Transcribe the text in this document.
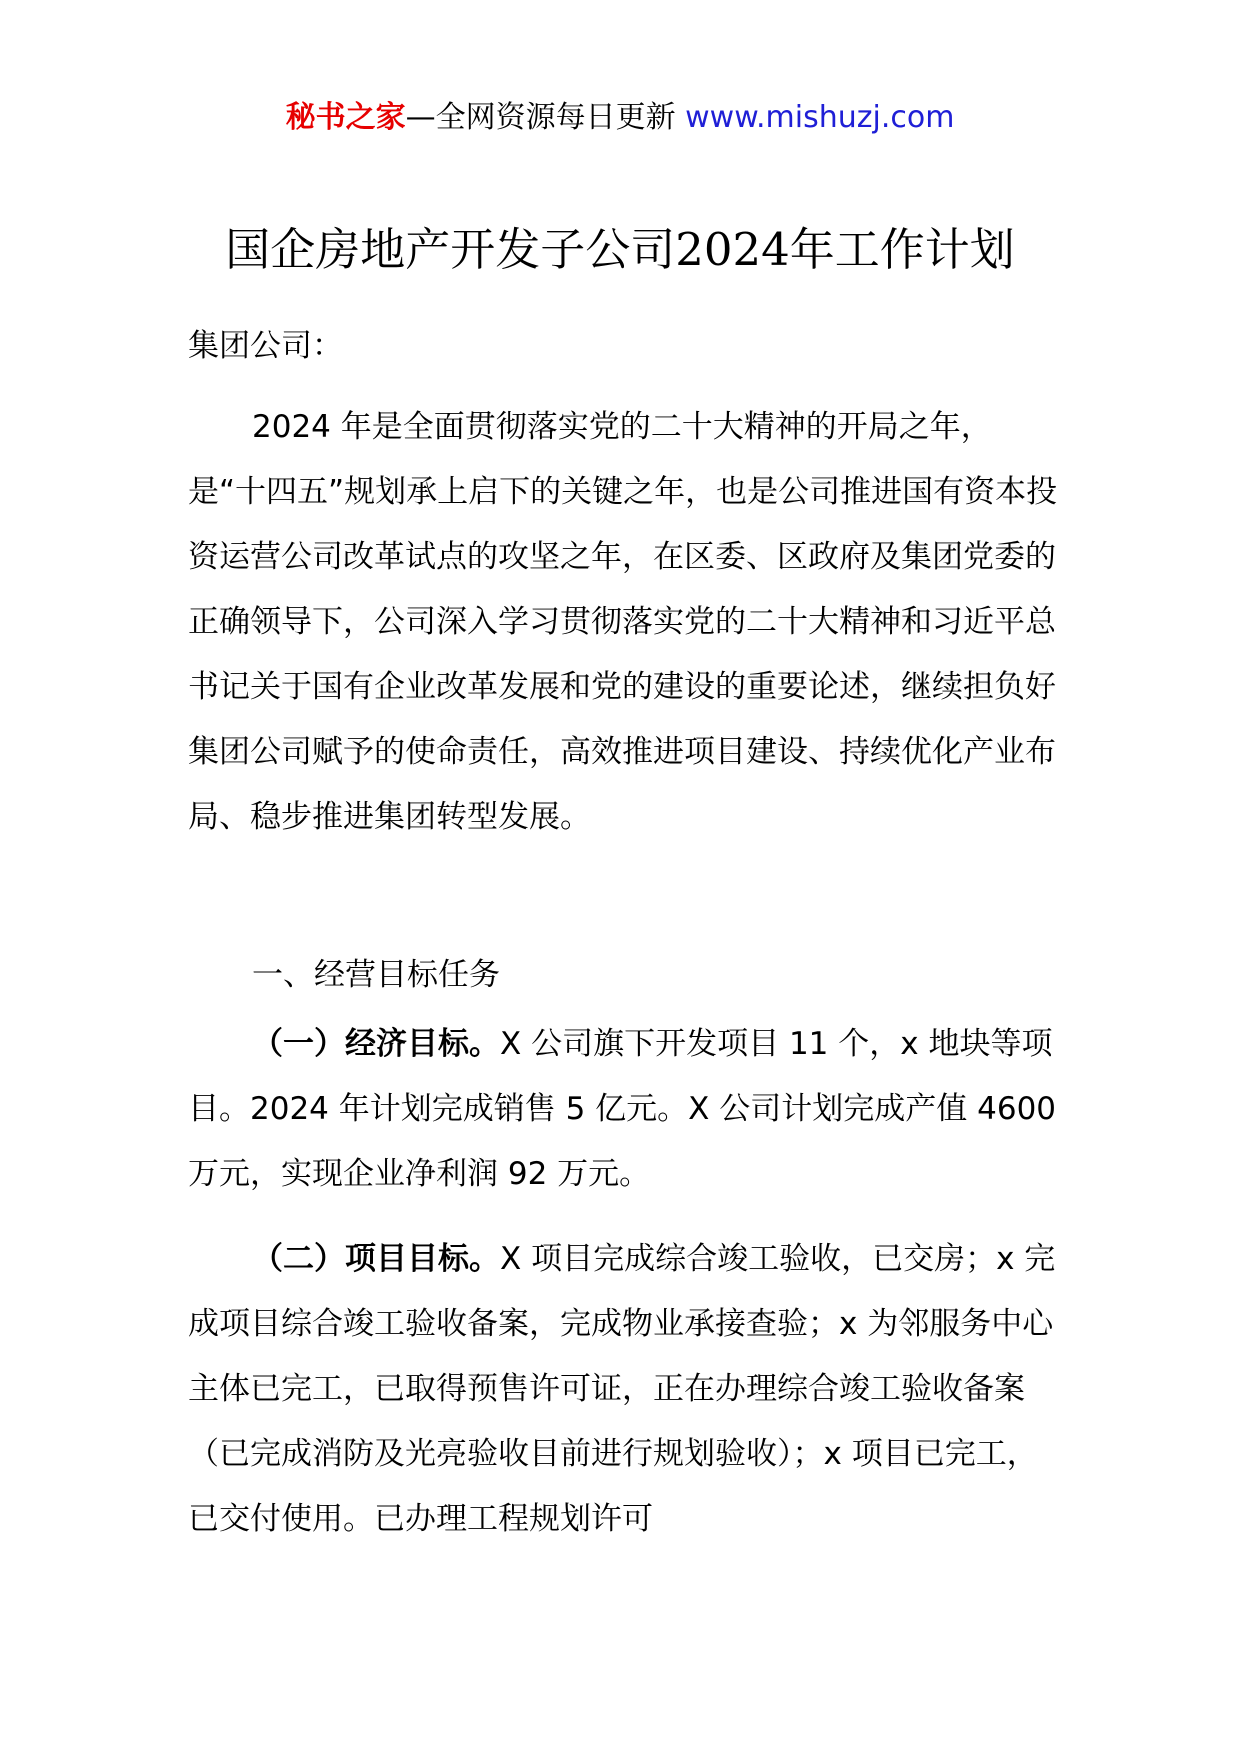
秘书之家—全网资源每日更新 www.mishuzj.com
国企房地产开发子公司2024年工作计划

集团公司：

2024 年是全面贯彻落实党的二十大精神的开局之年，是“十四五”规划承上启下的关键之年，也是公司推进国有资本投资运营公司改革试点的攻坚之年，在区委、区政府及集团党委的正确领导下，公司深入学习贯彻落实党的二十大精神和习近平总书记关于国有企业改革发展和党的建设的重要论述，继续担负好集团公司赋予的使命责任，高效推进项目建设、持续优化产业布局、稳步推进集团转型发展。

一、经营目标任务

（一）经济目标。X 公司旗下开发项目 11 个，x 地块等项目。2024 年计划完成销售 5 亿元。X 公司计划完成产值 4600 万元，实现企业净利润 92 万元。

（二）项目目标。X 项目完成综合竣工验收，已交房；x 完成项目综合竣工验收备案，完成物业承接查验；x 为邻服务中心主体已完工，已取得预售许可证，正在办理综合竣工验收备案（已完成消防及光亮验收目前进行规划验收）；x 项目已完工，已交付使用。已办理工程规划许可
